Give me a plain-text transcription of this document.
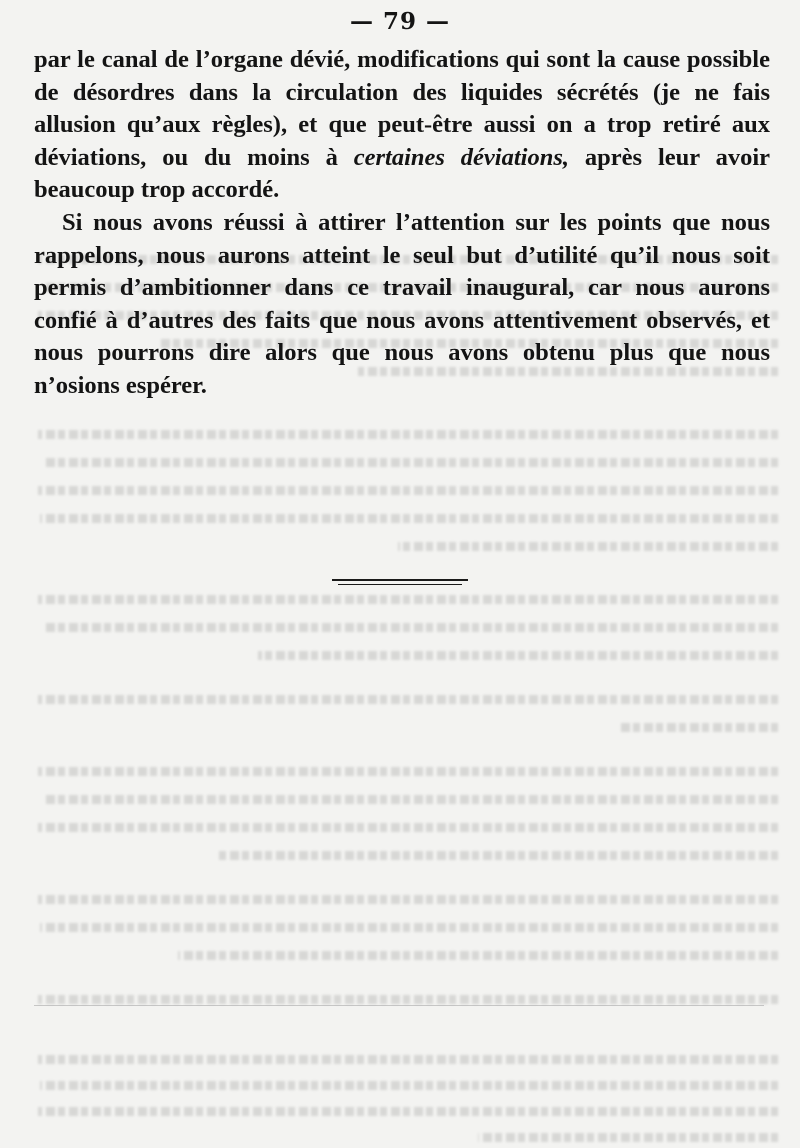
— 79 —

par le canal de l’organe dévié, modifications qui sont la cause possible de désordres dans la circulation des liquides sécrétés (je ne fais allusion qu’aux règles), et que peut-être aussi on a trop retiré aux déviations, ou du moins à certaines déviations, après leur avoir beaucoup trop accordé.

Si nous avons réussi à attirer l’attention sur les points que nous rappelons, nous aurons atteint le seul but d’utilité qu’il nous soit permis d’ambitionner dans ce travail inaugural, car nous aurons confié à d’autres des faits que nous avons attentivement observés, et nous pourrons dire alors que nous avons obtenu plus que nous n’osions espérer.
